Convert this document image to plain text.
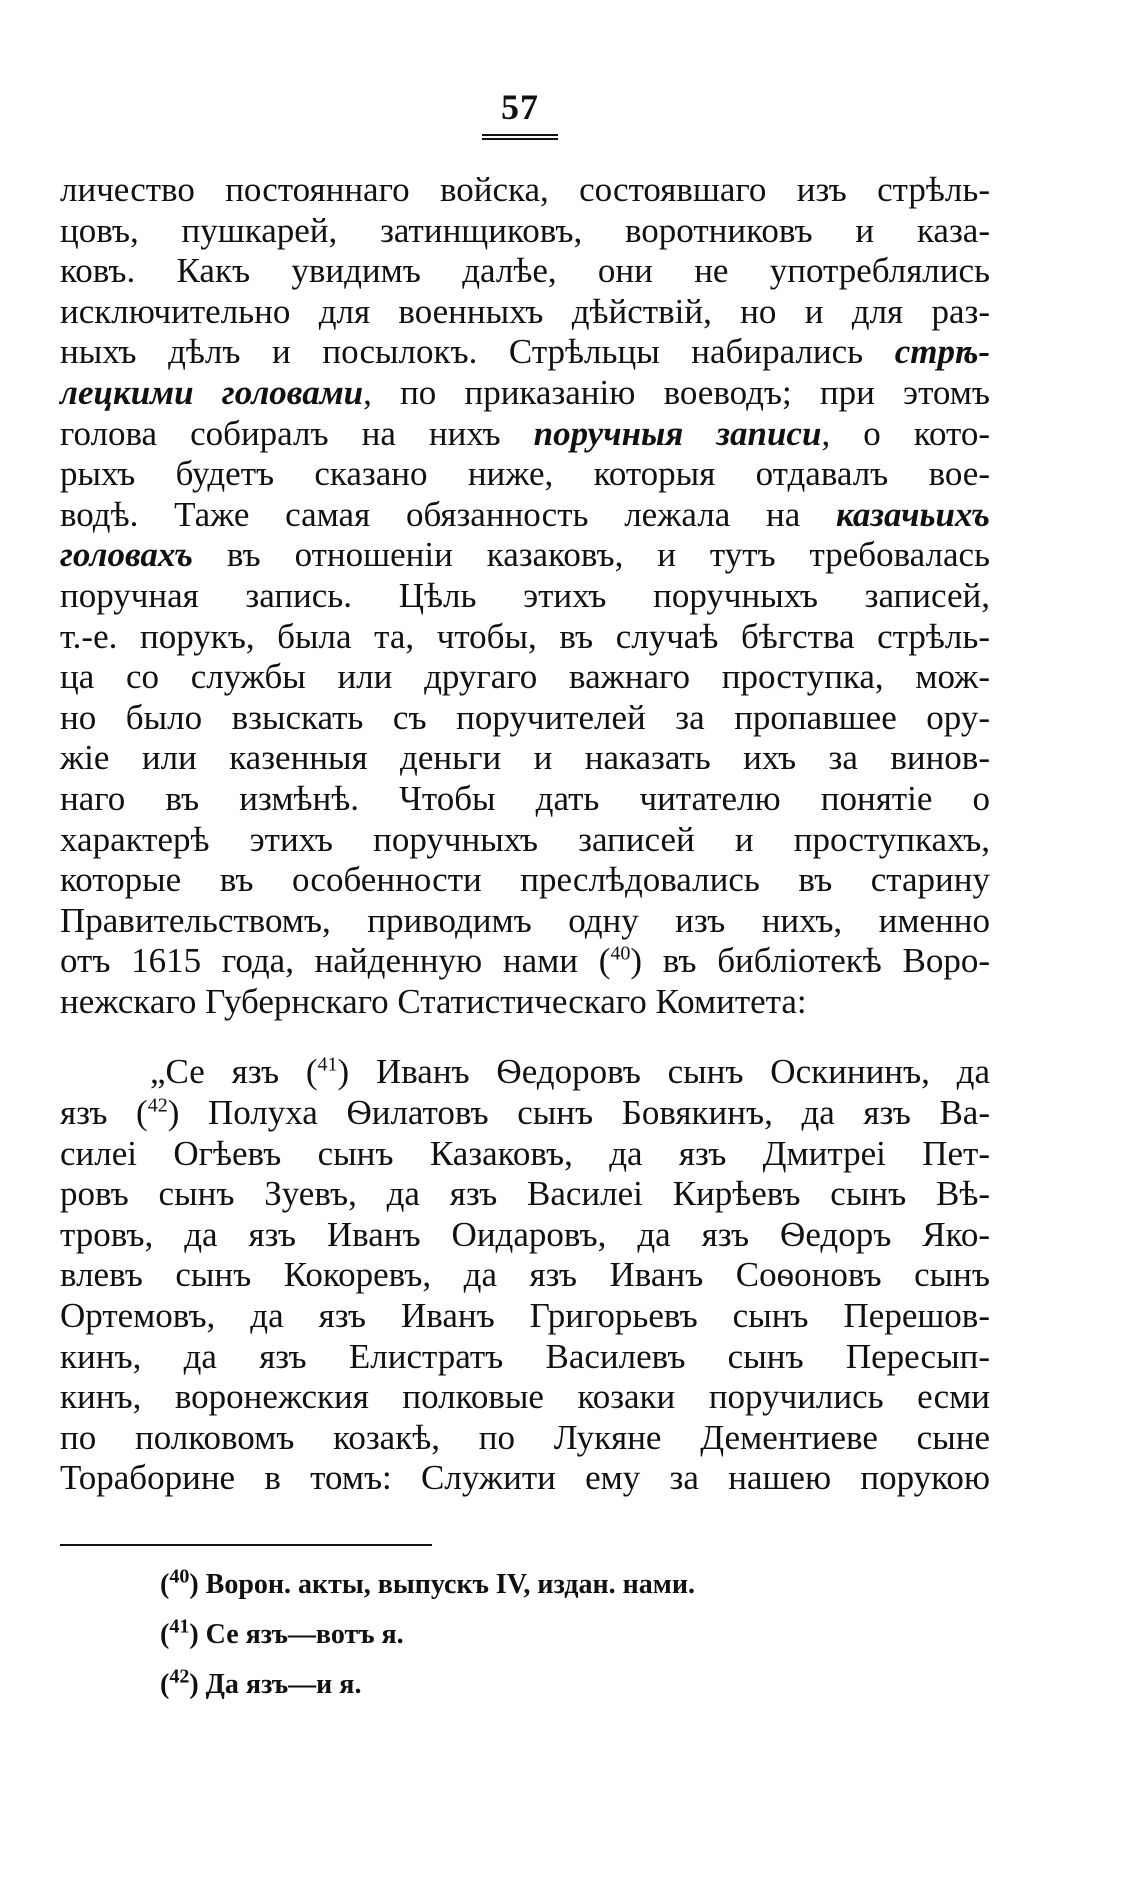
57
личество постояннаго войска, состоявшаго изъ стрѣль-
цовъ, пушкарей, затинщиковъ, воротниковъ и каза-
ковъ. Какъ увидимъ далѣе, они не употреблялись
исключительно для военныхъ дѣйствій, но и для раз-
ныхъ дѣлъ и посылокъ. Стрѣльцы набирались стрѣ-
лецкими головами, по приказанію воеводъ; при этомъ
голова собиралъ на нихъ поручныя записи, о кото-
рыхъ будетъ сказано ниже, которыя отдавалъ вое-
водѣ. Таже самая обязанность лежала на казачьихъ
головахъ въ отношеніи казаковъ, и тутъ требовалась
поручная запись. Цѣль этихъ поручныхъ записей,
т.-е. порукъ, была та, чтобы, въ случаѣ бѣгства стрѣль-
ца со службы или другаго важнаго проступка, мож-
но было взыскать съ поручителей за пропавшее ору-
жіе или казенныя деньги и наказать ихъ за винов-
наго въ измѣнѣ. Чтобы дать читателю понятіе о
характерѣ этихъ поручныхъ записей и проступкахъ,
которые въ особенности преслѣдовались въ старину
Правительствомъ, приводимъ одну изъ нихъ, именно
отъ 1615 года, найденную нами ($^{40}$) въ библіотекѣ Воро-
нежскаго Губернскаго Статистическаго Комитета:
„Се язъ ($^{41}$) Иванъ Ѳедоровъ сынъ Оскининъ, да
язъ ($^{42}$) Полуха Ѳилатовъ сынъ Бовякинъ, да язъ Ва-
силеі Огѣевъ сынъ Казаковъ, да язъ Дмитреі Пет-
ровъ сынъ Зуевъ, да язъ Василеі Кирѣевъ сынъ Вѣ-
тровъ, да язъ Иванъ Оидаровъ, да язъ Ѳедоръ Яко-
влевъ сынъ Кокоревъ, да язъ Иванъ Соѳоновъ сынъ
Ортемовъ, да язъ Иванъ Григорьевъ сынъ Перешов-
кинъ, да язъ Елистратъ Василевъ сынъ Пересып-
кинъ, воронежския полковые козаки поручились есми
по полковомъ козакѣ, по Лукяне Дементиеве сыне
Тораборине в томъ: Служити ему за нашею порукою
($^{40}$) Ворон. акты, выпускъ IV, издан. нами.
($^{41}$) Се язъ—вотъ я.
($^{42}$) Да язъ—и я.
